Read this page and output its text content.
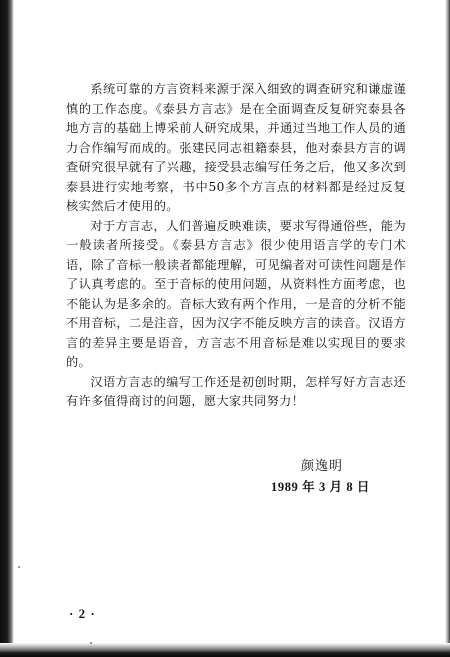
系统可靠的方言资料来源于深入细致的调查研究和谦虚谨慎的工作态度。《泰县方言志》是在全面调查反复研究泰县各地方言的基础上博采前人研究成果，并通过当地工作人员的通力合作编写而成的。张建民同志祖籍泰县，他对泰县方言的调查研究很早就有了兴趣，接受县志编写任务之后，他又多次到泰县进行实地考察，书中50多个方言点的材料都是经过反复核实然后才使用的。

对于方言志，人们普遍反映难读，要求写得通俗些，能为一般读者所接受。《泰县方言志》很少使用语言学的专门术语，除了音标一般读者都能理解，可见编者对可读性问题是作了认真考虑的。至于音标的使用问题，从资料性方面考虑，也不能认为是多余的。音标大致有两个作用，一是音的分析不能不用音标，二是注音，因为汉字不能反映方言的读音。汉语方言的差异主要是语音，方言志不用音标是难以实现目的要求的。

汉语方言志的编写工作还是初创时期，怎样写好方言志还有许多值得商讨的问题，愿大家共同努力！

颜逸明
1989 年 3 月 8 日
· 2 ·
